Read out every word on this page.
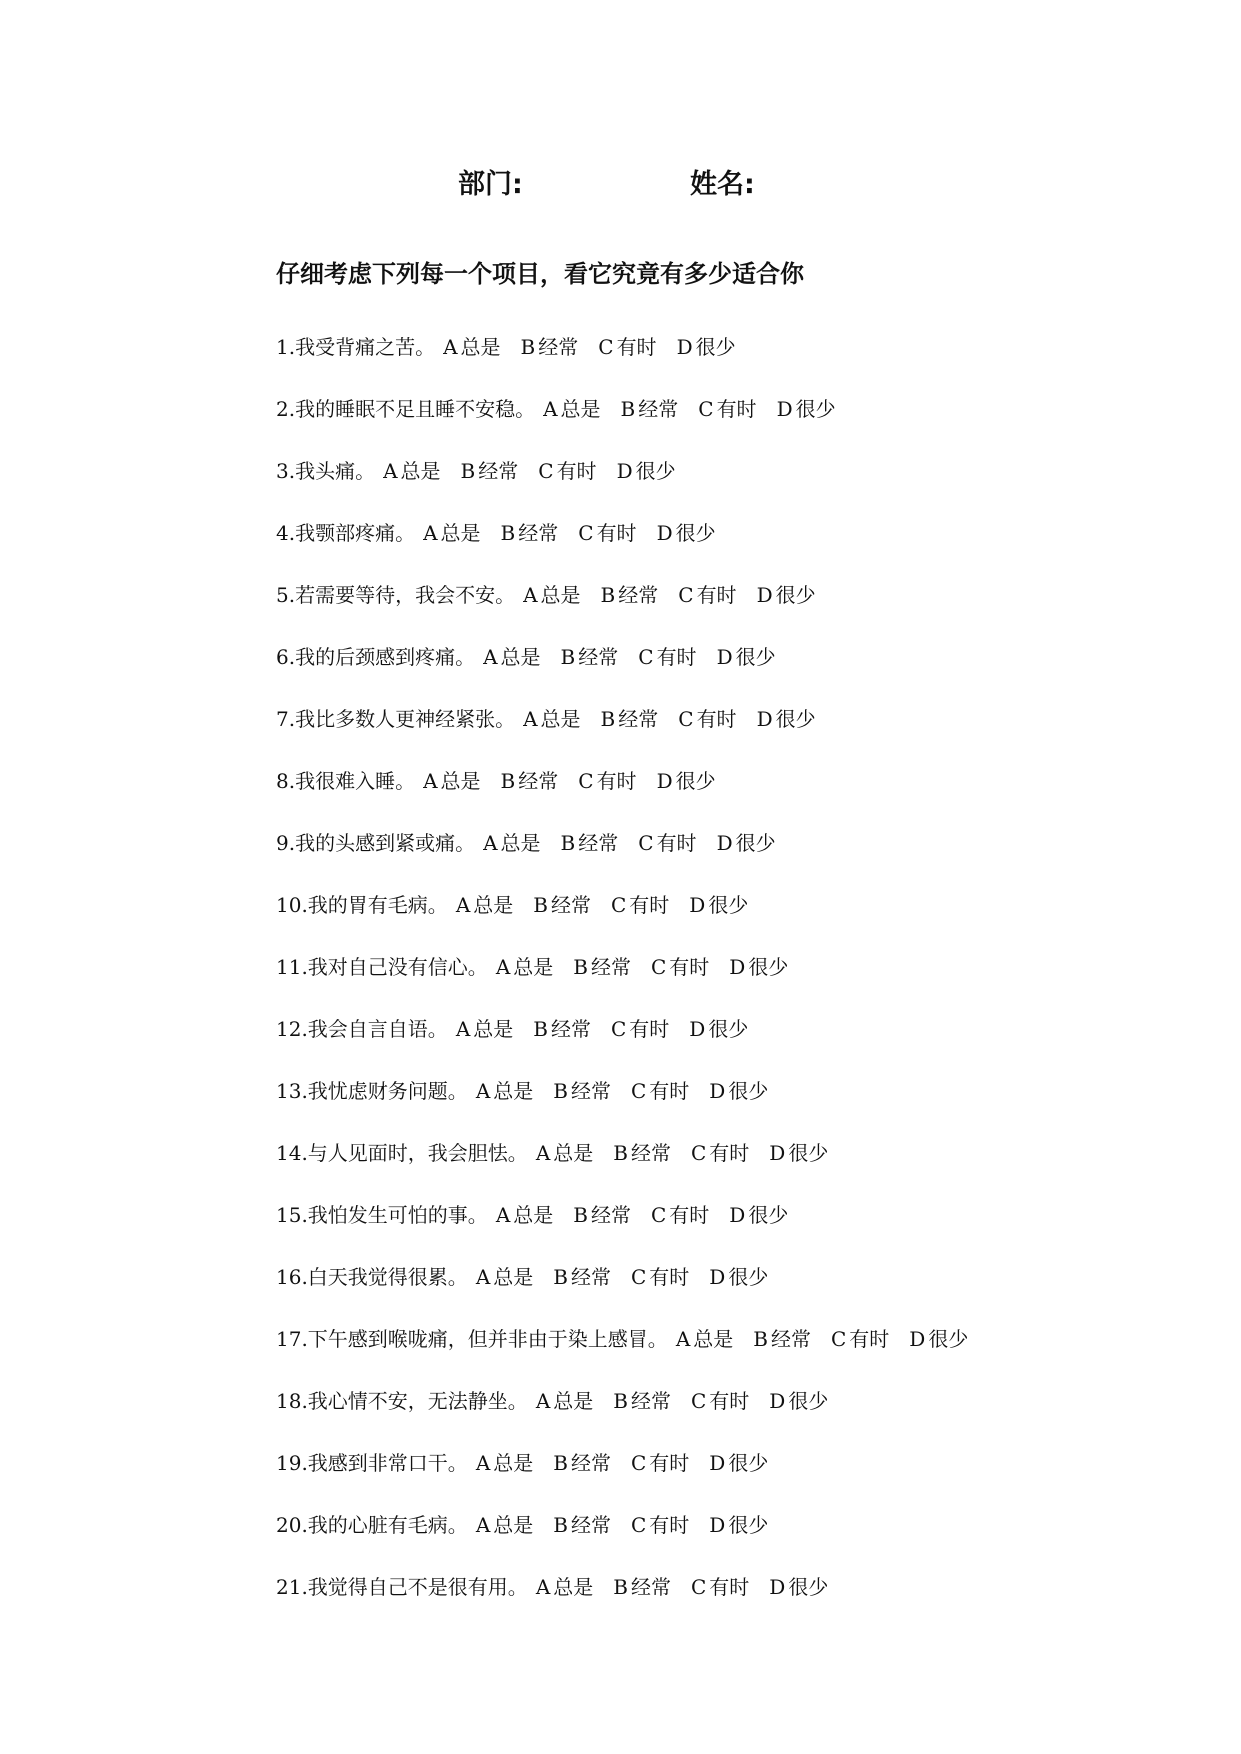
部门:	姓名:
仔细考虑下列每一个项目，看它究竟有多少适合你
1.我受背痛之苦。 A 总是 B 经常 C 有时 D 很少
2.我的睡眠不足且睡不安稳。 A 总是 B 经常 C 有时 D 很少
3.我头痛。 A 总是 B 经常 C 有时 D 很少
4.我颚部疼痛。 A 总是 B 经常 C 有时 D 很少
5.若需要等待，我会不安。 A 总是 B 经常 C 有时 D 很少
6.我的后颈感到疼痛。 A 总是 B 经常 C 有时 D 很少
7.我比多数人更神经紧张。 A 总是 B 经常 C 有时 D 很少
8.我很难入睡。 A 总是 B 经常 C 有时 D 很少
9.我的头感到紧或痛。 A 总是 B 经常 C 有时 D 很少
10.我的胃有毛病。 A 总是 B 经常 C 有时 D 很少
11.我对自己没有信心。 A 总是 B 经常 C 有时 D 很少
12.我会自言自语。 A 总是 B 经常 C 有时 D 很少
13.我忧虑财务问题。 A 总是 B 经常 C 有时 D 很少
14.与人见面时，我会胆怯。 A 总是 B 经常 C 有时 D 很少
15.我怕发生可怕的事。 A 总是 B 经常 C 有时 D 很少
16.白天我觉得很累。 A 总是 B 经常 C 有时 D 很少
17.下午感到喉咙痛，但并非由于染上感冒。 A 总是 B 经常 C 有时 D 很少
18.我心情不安，无法静坐。 A 总是 B 经常 C 有时 D 很少
19.我感到非常口干。 A 总是 B 经常 C 有时 D 很少
20.我的心脏有毛病。 A 总是 B 经常 C 有时 D 很少
21.我觉得自己不是很有用。 A 总是 B 经常 C 有时 D 很少
